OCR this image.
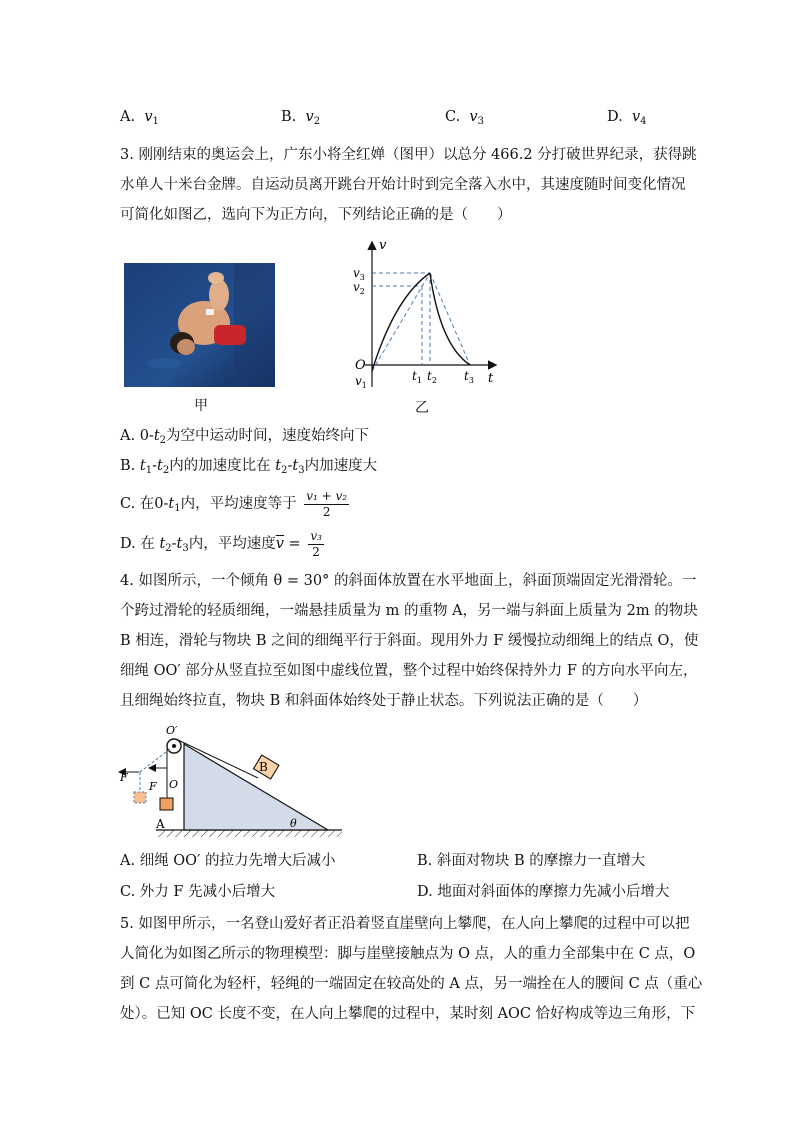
A. $v_1$	B. $v_2$	C. $v_3$	D. $v_4$
3. 刚刚结束的奥运会上，广东小将全红婵（图甲）以总分 466.2 分打破世界纪录，获得跳
水单人十米台金牌。自运动员离开跳台开始计时到完全落入水中，其速度随时间变化情况
可简化如图乙，选向下为正方向，下列结论正确的是（　　）
甲
v
t
O
$v_3$
$v_2$
$v_1$
$t_1$ $t_2$ $t_3$
乙
A. $0-t_2$为空中运动时间，速度始终向下
B. $t_1-t_2$内的加速度比在 $t_2-t_3$内加速度大
C. 在$0-t_1$内，平均速度等于 $\frac{\text{v₁ + v₂}}{2}$
D. 在 $t_2-t_3$内，平均速度$\overline{v} = \frac{\text{v₃}}{2}$
4. 如图所示，一个倾角 θ = 30° 的斜面体放置在水平地面上，斜面顶端固定光滑滑轮。一
个跨过滑轮的轻质细绳，一端悬挂质量为 m 的重物 A，另一端与斜面上质量为 2m 的物块
B 相连，滑轮与物块 B 之间的细绳平行于斜面。现用外力 F 缓慢拉动细绳上的结点 O，使
细绳 OO′ 部分从竖直拉至如图中虚线位置，整个过程中始终保持外力 F 的方向水平向左，
且细绳始终拉直，物块 B 和斜面体始终处于静止状态。下列说法正确的是（　　）
B
A
O′
O
F
F
θ
A. 细绳 OO′ 的拉力先增大后减小	B. 斜面对物块 B 的摩擦力一直增大
C. 外力 F 先减小后增大	D. 地面对斜面体的摩擦力先减小后增大
5. 如图甲所示，一名登山爱好者正沿着竖直崖壁向上攀爬，在人向上攀爬的过程中可以把
人简化为如图乙所示的物理模型：脚与崖壁接触点为 O 点，人的重力全部集中在 C 点，O
到 C 点可简化为轻杆，轻绳的一端固定在较高处的 A 点，另一端拴在人的腰间 C 点（重心
处）。已知 OC 长度不变，在人向上攀爬的过程中，某时刻 AOC 恰好构成等边三角形，下
